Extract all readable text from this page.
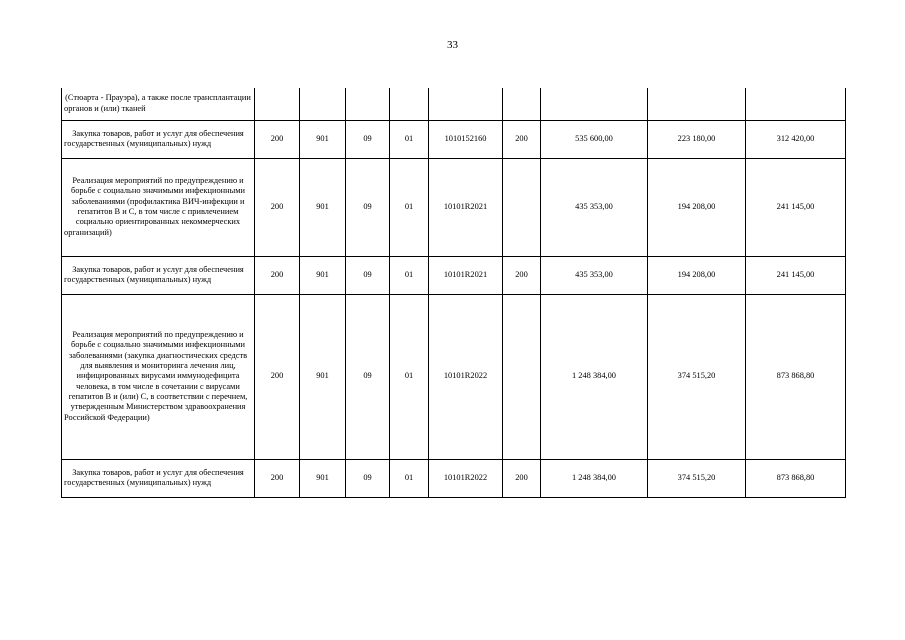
33
(Стюарта - Прауэра), а также после трансплантации органов и (или) тканей									
Закупка товаров, работ и услуг для обеспечения государственных (муниципальных) нужд	200	901	09	01	1010152160	200	535 600,00	223 180,00	312 420,00
Реализация мероприятий по предупреждению и борьбе с социально значимыми инфекционными заболеваниями (профилактика ВИЧ-инфекции и гепатитов B и C, в том числе с привлечением социально ориентированных некоммерческих организаций)	200	901	09	01	10101R2021		435 353,00	194 208,00	241 145,00
Закупка товаров, работ и услуг для обеспечения государственных (муниципальных) нужд	200	901	09	01	10101R2021	200	435 353,00	194 208,00	241 145,00
Реализация мероприятий по предупреждению и борьбе с социально значимыми инфекционными заболеваниями (закупка диагностических средств для выявления и мониторинга лечения лиц, инфицированных вирусами иммунодефицита человека, в том числе в сочетании с вирусами гепатитов B и (или) C, в соответствии с перечнем, утвержденным Министерством здравоохранения Российской Федерации)	200	901	09	01	10101R2022		1 248 384,00	374 515,20	873 868,80
Закупка товаров, работ и услуг для обеспечения государственных (муниципальных) нужд	200	901	09	01	10101R2022	200	1 248 384,00	374 515,20	873 868,80
